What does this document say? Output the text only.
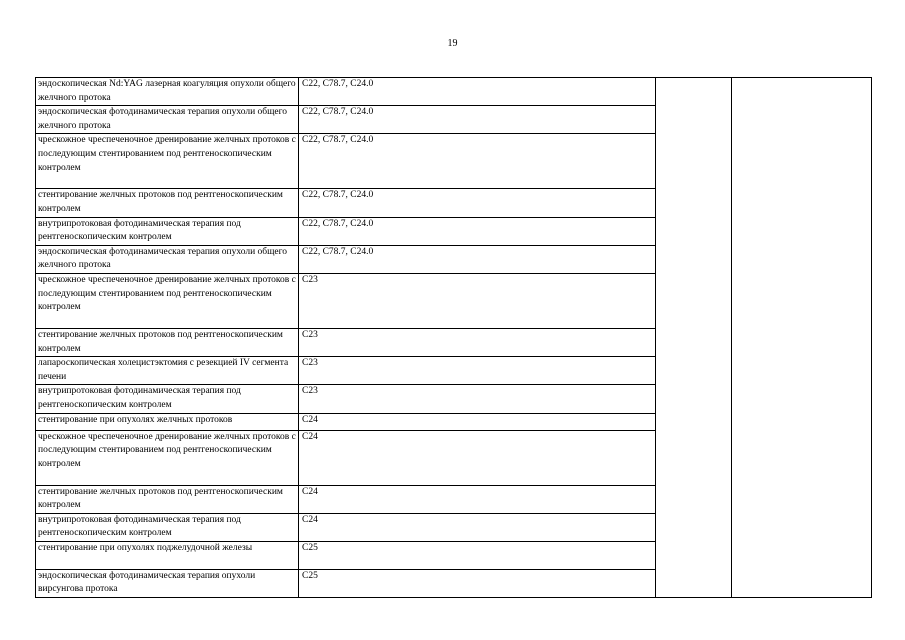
19
эндоскопическая Nd:YAG лазерная коагуляция опухоли общего желчного протока	C22, C78.7, C24.0		
эндоскопическая фотодинамическая терапия опухоли общего желчного протока	C22, C78.7, C24.0		
чрескожное чреспеченочное дренирование желчных протоков с последующим стентированием под рентгеноскопическим контролем	C22, C78.7, C24.0		
стентирование желчных протоков под рентгеноскопическим контролем	C22, C78.7, C24.0		
внутрипротоковая фотодинамическая терапия под рентгеноскопическим контролем	C22, C78.7, C24.0		
эндоскопическая фотодинамическая терапия опухоли общего желчного протока	C22, C78.7, C24.0		
чрескожное чреспеченочное дренирование желчных протоков с последующим стентированием под рентгеноскопическим контролем	C23		
стентирование желчных протоков под рентгеноскопическим контролем	C23		
лапароскопическая холецистэктомия с резекцией IV сегмента печени	C23		
внутрипротоковая фотодинамическая терапия под рентгеноскопическим контролем	C23		
стентирование при опухолях желчных протоков	C24		
чрескожное чреспеченочное дренирование желчных протоков с последующим стентированием под рентгеноскопическим контролем	C24		
стентирование желчных протоков под рентгеноскопическим контролем	C24		
внутрипротоковая фотодинамическая терапия под рентгеноскопическим контролем	C24		
стентирование при опухолях поджелудочной железы	C25		
эндоскопическая фотодинамическая терапия опухоли вирсунгова протока	C25		
